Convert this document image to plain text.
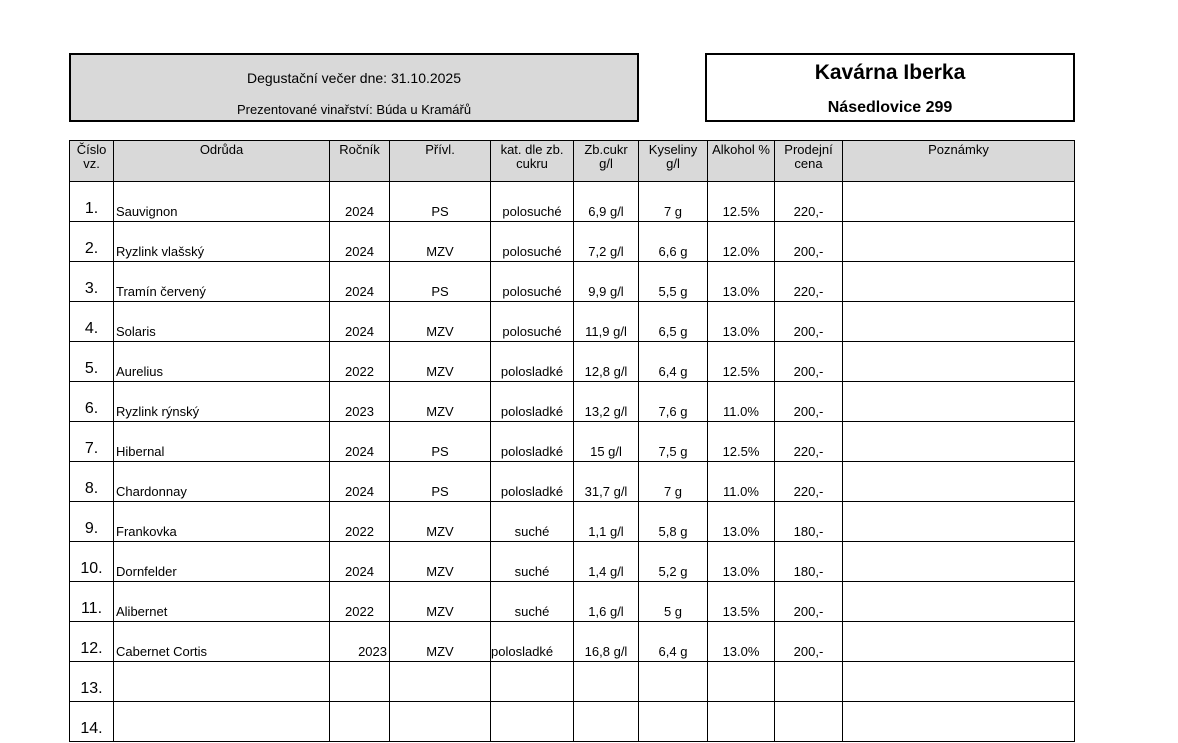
Degustační večer dne: 31.10.2025
Prezentované vinařství: Búda u Kramářů
Kavárna Iberka
Násedlovice 299
Číslo vz.	Odrůda	Ročník	Přívl.	kat. dle zb. cukru	Zb.cukr g/l	Kyseliny g/l	Alkohol %	Prodejní cena	Poznámky
1.	Sauvignon	2024	PS	polosuché	6,9 g/l	7 g	12.5%	220,-	
2.	Ryzlink vlašský	2024	MZV	polosuché	7,2 g/l	6,6 g	12.0%	200,-	
3.	Tramín červený	2024	PS	polosuché	9,9 g/l	5,5 g	13.0%	220,-	
4.	Solaris	2024	MZV	polosuché	11,9 g/l	6,5 g	13.0%	200,-	
5.	Aurelius	2022	MZV	polosladké	12,8 g/l	6,4 g	12.5%	200,-	
6.	Ryzlink rýnský	2023	MZV	polosladké	13,2 g/l	7,6 g	11.0%	200,-	
7.	Hibernal	2024	PS	polosladké	15 g/l	7,5 g	12.5%	220,-	
8.	Chardonnay	2024	PS	polosladké	31,7 g/l	7 g	11.0%	220,-	
9.	Frankovka	2022	MZV	suché	1,1 g/l	5,8 g	13.0%	180,-	
10.	Dornfelder	2024	MZV	suché	1,4 g/l	5,2 g	13.0%	180,-	
11.	Alibernet	2022	MZV	suché	1,6 g/l	5 g	13.5%	200,-	
12.	Cabernet Cortis	2023	MZV	polosladké	16,8 g/l	6,4 g	13.0%	200,-	
13.									
14.									
